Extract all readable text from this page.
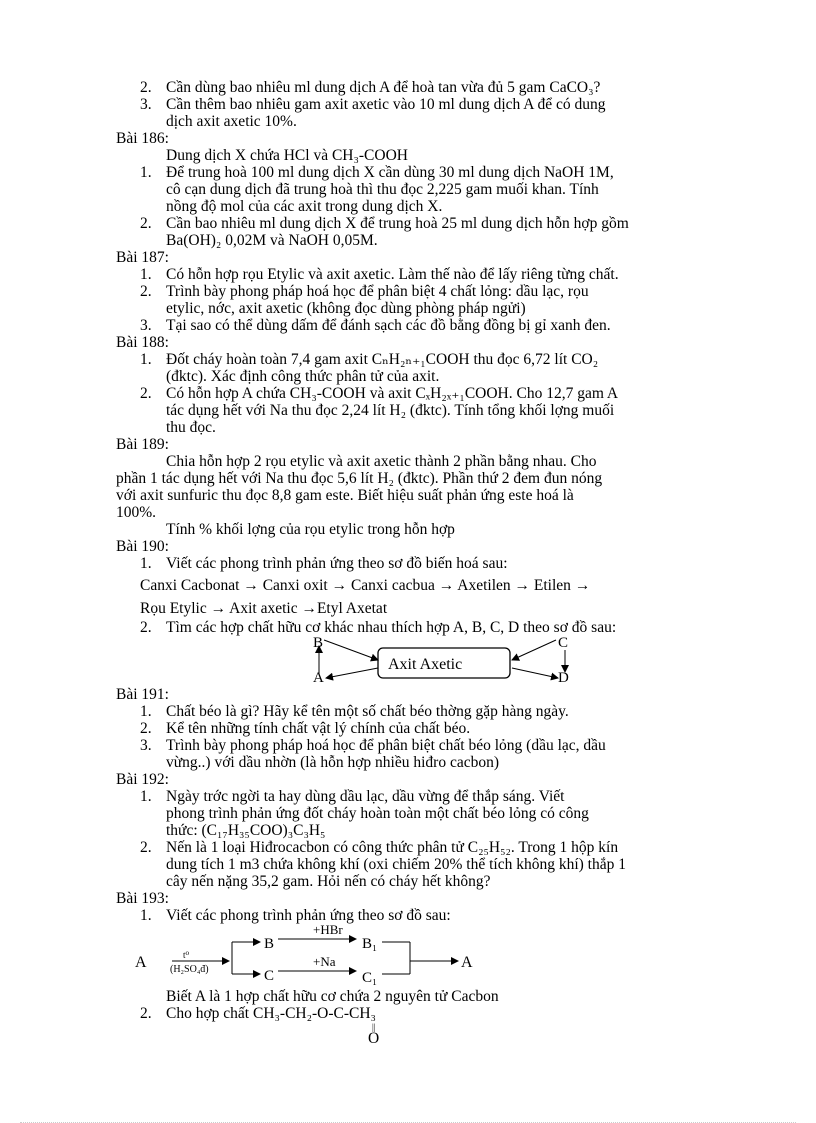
2. Cần dùng bao nhiêu ml dung dịch A để hoà tan vừa đủ 5 gam CaCO₃?
3. Cần thêm bao nhiêu gam axit axetic vào 10 ml dung dịch A để có dung
dịch axit axetic 10%.
Bài 186:
Dung dịch X chứa HCl và CH₃-COOH
1. Để trung hoà 100 ml dung dịch X cần dùng 30 ml dung dịch NaOH 1M,
cô cạn dung dịch đã trung hoà thì thu đọc 2,225 gam muối khan. Tính
nồng độ mol của các axit trong dung dịch X.
2. Cần bao nhiêu ml dung dịch X để trung hoà 25 ml dung dịch hỗn hợp gồm
Ba(OH)₂ 0,02M và NaOH 0,05M.
Bài 187:
1. Có hỗn hợp rọu Etylic và axit axetic. Làm thế nào để lấy riêng từng chất.
2. Trình bày phong pháp hoá học để phân biệt 4 chất lỏng: dầu lạc, rọu
etylic, nớc, axit axetic (không đọc dùng phòng pháp ngửi)
3. Tại sao có thể dùng dấm để đánh sạch các đồ bằng đồng bị gỉ xanh đen.
Bài 188:
1. Đốt cháy hoàn toàn 7,4 gam axit CₙH₂ₙ₊₁COOH thu đọc 6,72 lít CO₂
(đktc). Xác định công thức phân tử của axit.
2. Có hỗn hợp A chứa CH₃-COOH và axit CₓH₂ₓ₊₁COOH. Cho 12,7 gam A
tác dụng hết với Na thu đọc 2,24 lít H₂ (đktc). Tính tổng khối lợng muối
thu đọc.
Bài 189:
Chia hỗn hợp 2 rọu etylic và axit axetic thành 2 phần bằng nhau. Cho
phần 1 tác dụng hết với Na thu đọc 5,6 lít H₂ (đktc). Phần thứ 2 đem đun nóng
với axit sunfuric thu đọc 8,8 gam este. Biết hiệu suất phản ứng este hoá là
100%.
Tính % khối lợng của rọu etylic trong hỗn hợp
Bài 190:
1. Viết các phong trình phản ứng theo sơ đồ biến hoá sau:
Canxi Cacbonat → Canxi oxit → Canxi cacbua → Axetilen → Etilen →
Rọu Etylic → Axit axetic →Etyl Axetat
2. Tìm các hợp chất hữu cơ khác nhau thích hợp A, B, C, D theo sơ đồ sau:
Axit Axetic
B
A
C
D
Bài 191:
1. Chất béo là gì? Hãy kể tên một số chất béo thờng gặp hàng ngày.
2. Kể tên những tính chất vật lý chính của chất béo.
3. Trình bày phong pháp hoá học để phân biệt chất béo lỏng (dầu lạc, dầu
vừng..) với dầu nhờn (là hỗn hợp nhiều hiđro cacbon)
Bài 192:
1. Ngày trớc ngời ta hay dùng dầu lạc, dầu vừng để thắp sáng. Viết
phong trình phản ứng đốt cháy hoàn toàn một chất béo lỏng có công
thức: (C₁₇H₃₅COO)₃C₃H₅
2. Nến là 1 loại Hiđrocacbon có công thức phân tử C₂₅H₅₂. Trong 1 hộp kín
dung tích 1 m3 chứa không khí (oxi chiếm 20% thể tích không khí) thắp 1
cây nến nặng 35,2 gam. Hỏi nến có cháy hết không?
Bài 193:
1. Viết các phong trình phản ứng theo sơ đồ sau:
A	t⁰
(H₂SO₄đ)
B
C
+HBr
+Na
B₁
C₁
A
Biết A là 1 hợp chất hữu cơ chứa 2 nguyên tử Cacbon
2. Cho hợp chất CH₃-CH₂-O-C-CH₃
||
O
